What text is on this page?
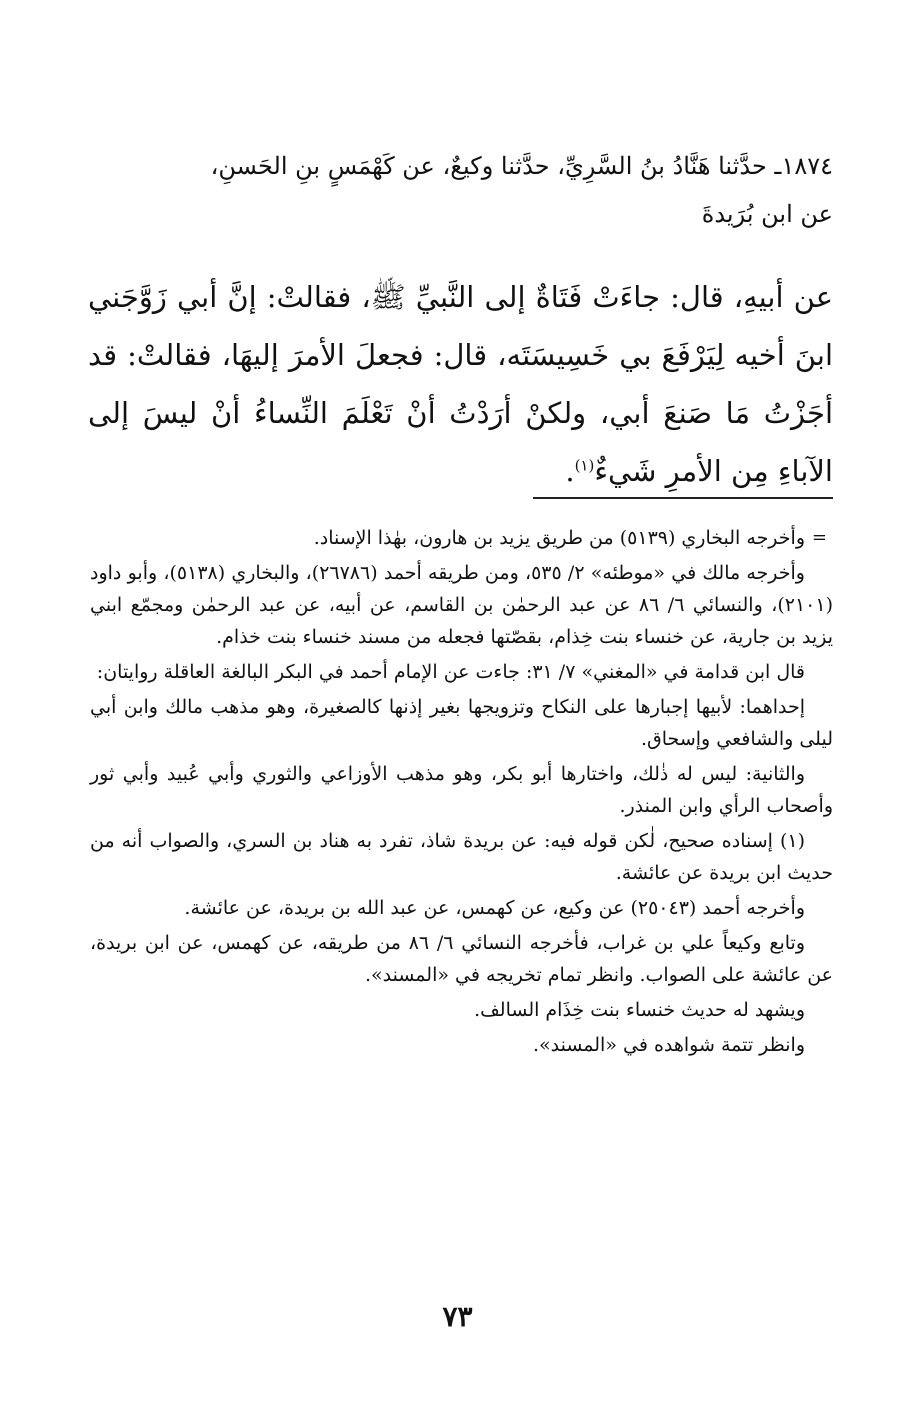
١٨٧٤ـ حدَّثنا هَنَّادُ بنُ السَّرِيِّ، حدَّثنا وكيعٌ، عن كَهْمَسٍ بنِ الحَسنِ،
عن ابن بُرَيدةَ
عن أبيهِ، قال: جاءَتْ فَتَاةٌ إلى النَّبيِّ ﷺ، فقالتْ: إنَّ أبي زَوَّجَني ابنَ أخيه لِيَرْفَعَ بي خَسِيسَتَه، قال: فجعلَ الأمرَ إليهَا، فقالتْ: قد أجَزْتُ مَا صَنعَ أبي، ولكنْ أرَدْتُ أنْ تَعْلَمَ النِّساءُ أنْ ليسَ إلى الآباءِ مِن الأمرِ شَيءٌ$^{(١)}$.

=
وأخرجه البخاري (٥١٣٩) من طريق يزيد بن هارون، بهٰذا الإسناد.

وأخرجه مالك في «موطئه» ٢/ ٥٣٥، ومن طريقه أحمد (٢٦٧٨٦)، والبخاري (٥١٣٨)، وأبو داود (٢١٠١)، والنسائي ٦/ ٨٦ عن عبد الرحمٰن بن القاسم، عن أبيه، عن عبد الرحمٰن ومجمّع ابني يزيد بن جارية، عن خنساء بنت خِذام، بقصّتها فجعله من مسند خنساء بنت خذام.

قال ابن قدامة في «المغني» ٧/ ٣١: جاءت عن الإمام أحمد في البكر البالغة العاقلة روايتان:

إحداهما: لأبيها إجبارها على النكاح وتزويجها بغير إذنها كالصغيرة، وهو مذهب مالك وابن أبي ليلى والشافعي وإسحاق.

والثانية: ليس له ذٰلك، واختارها أبو بكر، وهو مذهب الأوزاعي والثوري وأبي عُبيد وأبي ثور وأصحاب الرأي وابن المنذر.

(١) إسناده صحيح، لٰكن قوله فيه: عن بريدة شاذ، تفرد به هناد بن السري، والصواب أنه من حديث ابن بريدة عن عائشة.

وأخرجه أحمد (٢٥٠٤٣) عن وكيع، عن كهمس، عن عبد الله بن بريدة، عن عائشة.

وتابع وكيعاً علي بن غراب، فأخرجه النسائي ٦/ ٨٦ من طريقه، عن كهمس، عن ابن بريدة، عن عائشة على الصواب. وانظر تمام تخريجه في «المسند».

ويشهد له حديث خنساء بنت خِذَام السالف.

وانظر تتمة شواهده في «المسند».

٧٣
